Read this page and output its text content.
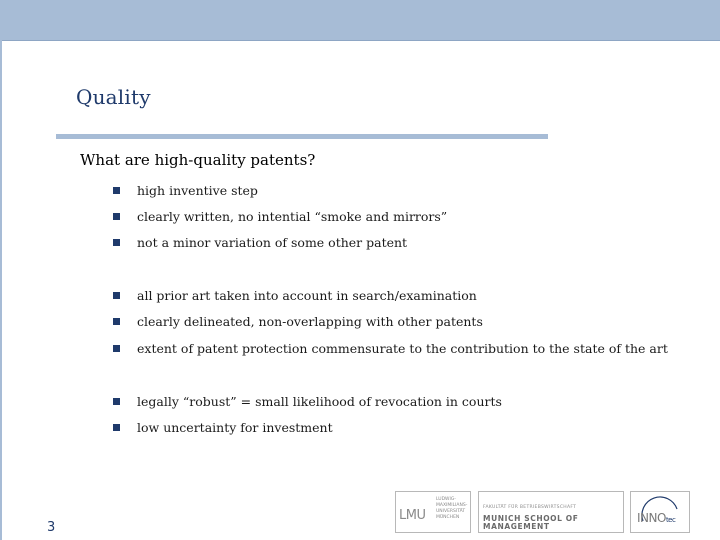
Quality
What are high-quality patents?
high inventive step
clearly written, no intential “smoke and mirrors”
not a minor variation of some other patent
all prior art taken into account in search/examination
clearly delineated, non-overlapping with other patents
extent of patent protection commensurate to the contribution to the state of the art
legally “robust” = small likelihood of revocation in courts
low uncertainty for investment
3
LMU
LUDWIG-
MAXIMILIANS-
UNIVERSITÄT
MÜNCHEN
FAKULTÄT FÜR BETRIEBSWIRTSCHAFT
MUNICH SCHOOL OF
MANAGEMENT
INNOtec
